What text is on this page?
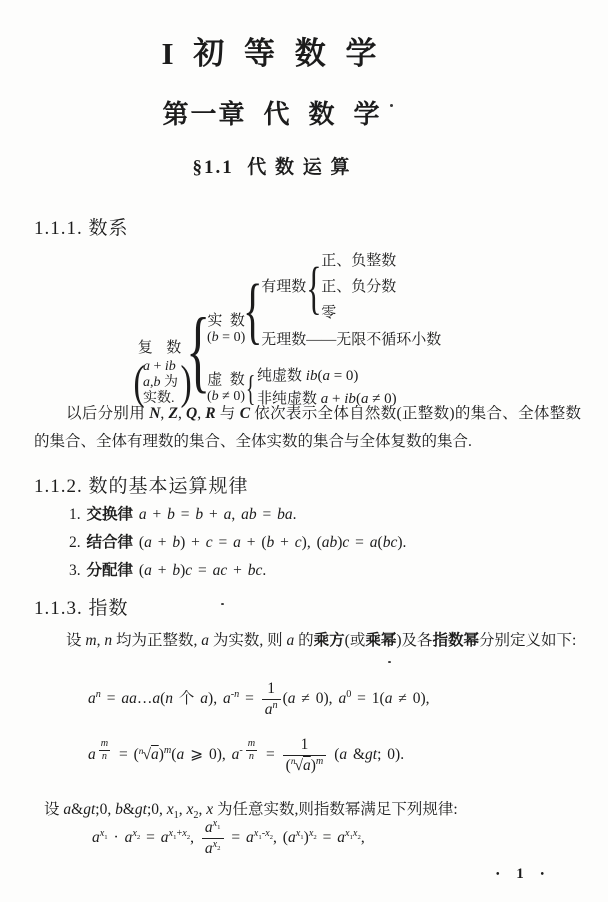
I 初 等 数 学
第一章  代  数  学
§1.1  代 数 运 算
1.1.1. 数系
复  数
(
a + ib
a,b 为
实数.
)
{
实  数
(b = 0)
{
有理数
{
正、负整数
正、负分数
零
无理数——无限不循环小数
虚  数
(b ≠ 0)
{
纯虚数 ib(a = 0)
非纯虚数 a + ib(a ≠ 0)
以后分别用 N, Z, Q, R 与 C 依次表示全体自然数(正整数)的集合、全体整数的集合、全体有理数的集合、全体实数的集合与全体复数的集合.
1.1.2. 数的基本运算规律
1. 交换律 a + b = b + a, ab = ba.
2. 结合律 (a + b) + c = a + (b + c), (ab)c = a(bc).
3. 分配律 (a + b)c = ac + bc.
1.1.3. 指数
设 m, n 均为正整数, a 为实数, 则 a 的乘方(或乘幂)及各指数幂分别定义如下:
$a^n$ = aa…a(n 个 a), $a^{-n} = \frac{1}{a^n} (a \ne 0)$, $a^0 = 1(a \ne 0)$,
a $^{\frac{m}{n}} = (^n√a)^m(a$ ⩾ 0), $a^{- \frac{m}{n}} = \frac{1}{(^n√a)^m} (a$ &gt; 0).
设 a&gt;0, b&gt;0, $x_1$, $x_2$, x 为任意实数,则指数幂满足下列规律:
$a^{x_1} \cdot a^{x_2} = a^{x_1+x_2}$, $\frac{a^{x_1}}{a^{x_2}} = a^{x_1-x_2}$, $(a^{x_1})^{x_2} = a^{x_1x_2}$,
• 1 •
